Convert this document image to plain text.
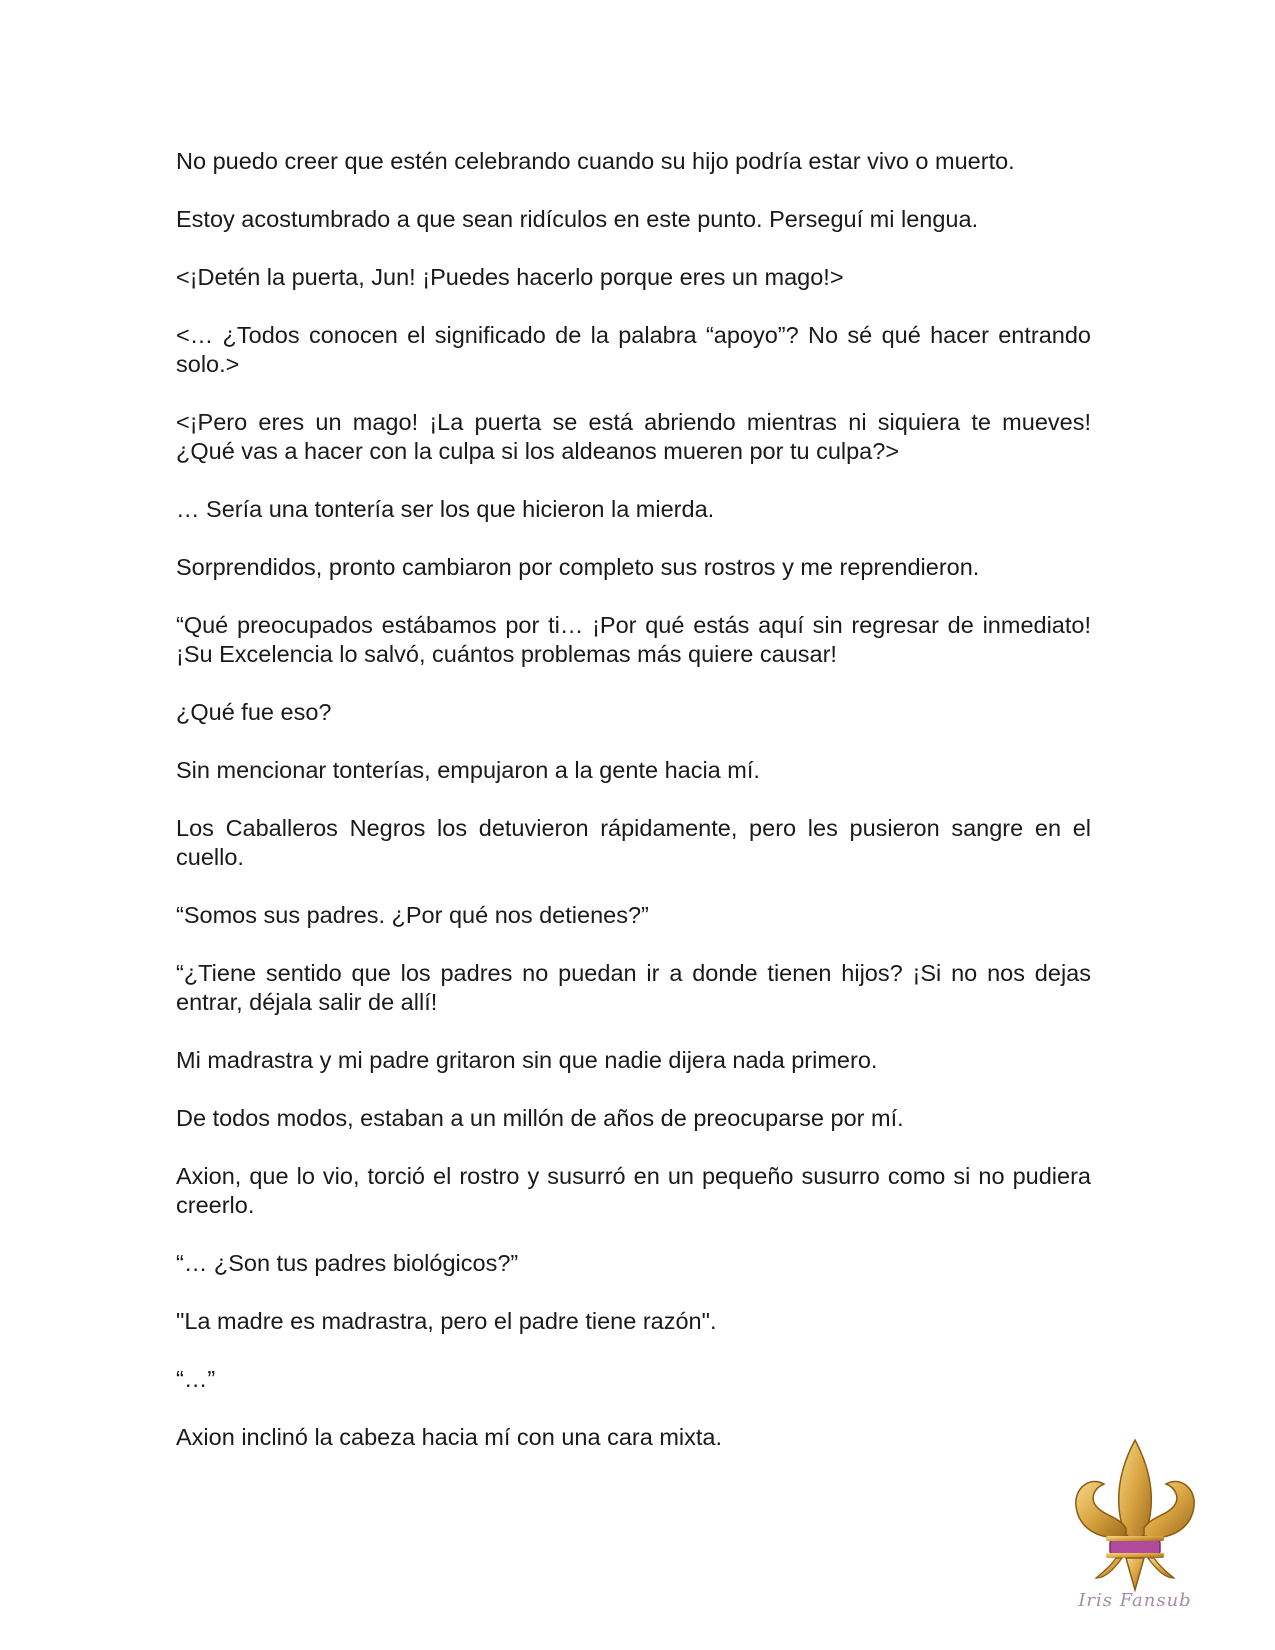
No puedo creer que estén celebrando cuando su hijo podría estar vivo o muerto.

Estoy acostumbrado a que sean ridículos en este punto. Perseguí mi lengua.

<¡Detén la puerta, Jun! ¡Puedes hacerlo porque eres un mago!>

<… ¿Todos conocen el significado de la palabra “apoyo”? No sé qué hacer entrando solo.>

<¡Pero eres un mago! ¡La puerta se está abriendo mientras ni siquiera te mueves! ¿Qué vas a hacer con la culpa si los aldeanos mueren por tu culpa?>

… Sería una tontería ser los que hicieron la mierda.

Sorprendidos, pronto cambiaron por completo sus rostros y me reprendieron.

“Qué preocupados estábamos por ti… ¡Por qué estás aquí sin regresar de inmediato! ¡Su Excelencia lo salvó, cuántos problemas más quiere causar!

¿Qué fue eso?

Sin mencionar tonterías, empujaron a la gente hacia mí.

Los Caballeros Negros los detuvieron rápidamente, pero les pusieron sangre en el cuello.

“Somos sus padres. ¿Por qué nos detienes?”

“¿Tiene sentido que los padres no puedan ir a donde tienen hijos? ¡Si no nos dejas entrar, déjala salir de allí!

Mi madrastra y mi padre gritaron sin que nadie dijera nada primero.

De todos modos, estaban a un millón de años de preocuparse por mí.

Axion, que lo vio, torció el rostro y susurró en un pequeño susurro como si no pudiera creerlo.

“… ¿Son tus padres biológicos?”

"La madre es madrastra, pero el padre tiene razón".

“…”

Axion inclinó la cabeza hacia mí con una cara mixta.

Iris Fansub
